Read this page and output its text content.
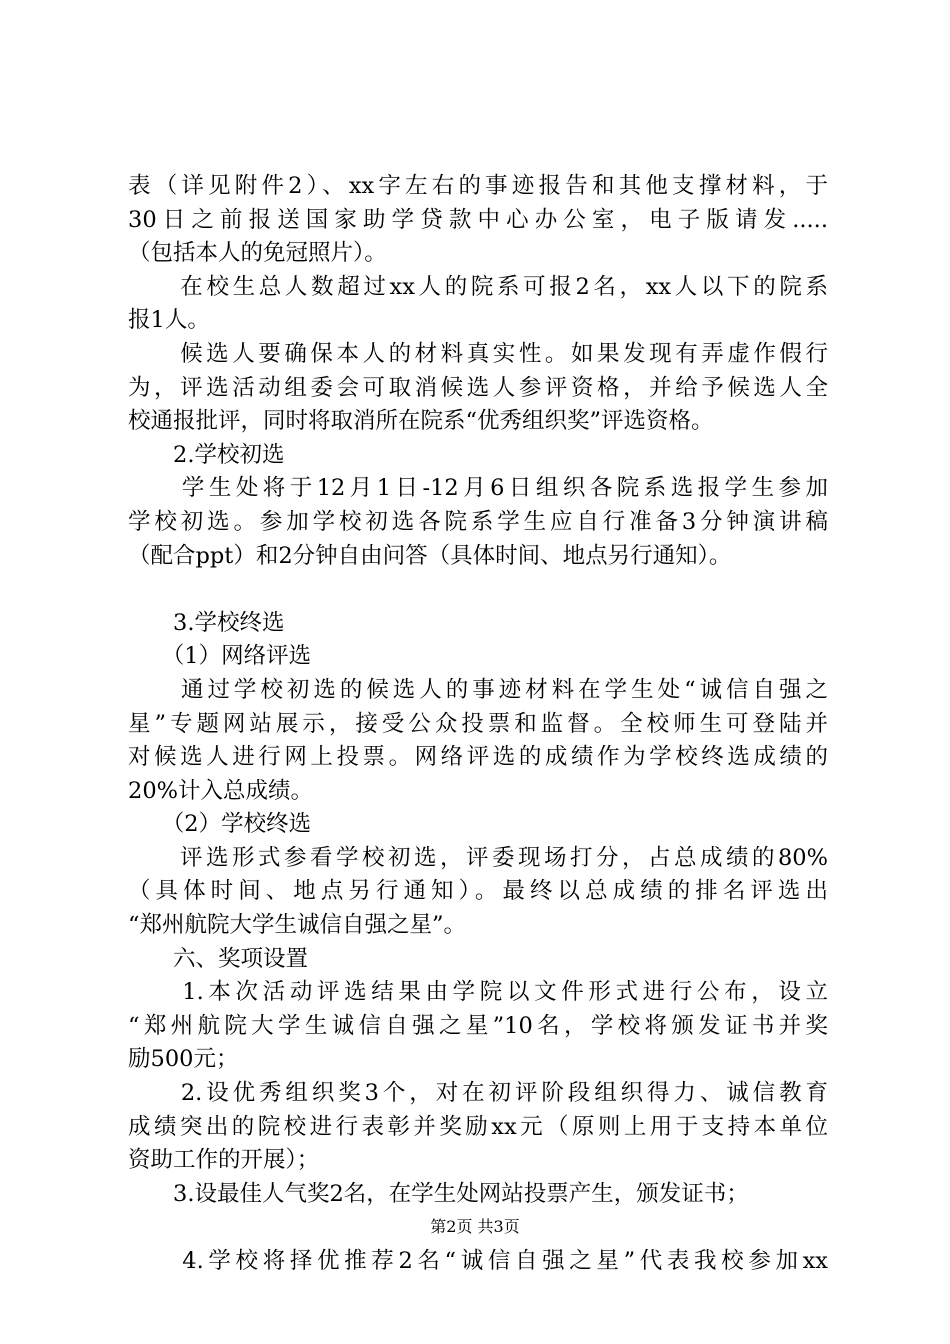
表（详见附件2）、xx字左右的事迹报告和其他支撑材料，于
30日之前报送国家助学贷款中心办公室，电子版请发.....
（包括本人的免冠照片）。
　　在校生总人数超过xx人的院系可报2名，xx人以下的院系
报1人。
　　候选人要确保本人的材料真实性。如果发现有弄虚作假行
为，评选活动组委会可取消候选人参评资格，并给予候选人全
校通报批评，同时将取消所在院系“优秀组织奖”评选资格。
　　2.学校初选
　　学生处将于12月1日-12月6日组织各院系选报学生参加
学校初选。参加学校初选各院系学生应自行准备3分钟演讲稿
（配合ppt）和2分钟自由问答（具体时间、地点另行通知）。
　　3.学校终选
　　（1）网络评选
　　通过学校初选的候选人的事迹材料在学生处“诚信自强之
星”专题网站展示，接受公众投票和监督。全校师生可登陆并
对候选人进行网上投票。网络评选的成绩作为学校终选成绩的
20%计入总成绩。
　　（2）学校终选
　　评选形式参看学校初选，评委现场打分，占总成绩的80%
（具体时间、地点另行通知）。最终以总成绩的排名评选出
“郑州航院大学生诚信自强之星”。
　　六、奖项设置
　　1.本次活动评选结果由学院以文件形式进行公布，设立
“郑州航院大学生诚信自强之星”10名，学校将颁发证书并奖
励500元；
　　2.设优秀组织奖3个，对在初评阶段组织得力、诚信教育
成绩突出的院校进行表彰并奖励xx元（原则上用于支持本单位
资助工作的开展）；
　　3.设最佳人气奖2名，在学生处网站投票产生，颁发证书；
　　4.学校将择优推荐2名“诚信自强之星”代表我校参加xx
第2页 共3页
